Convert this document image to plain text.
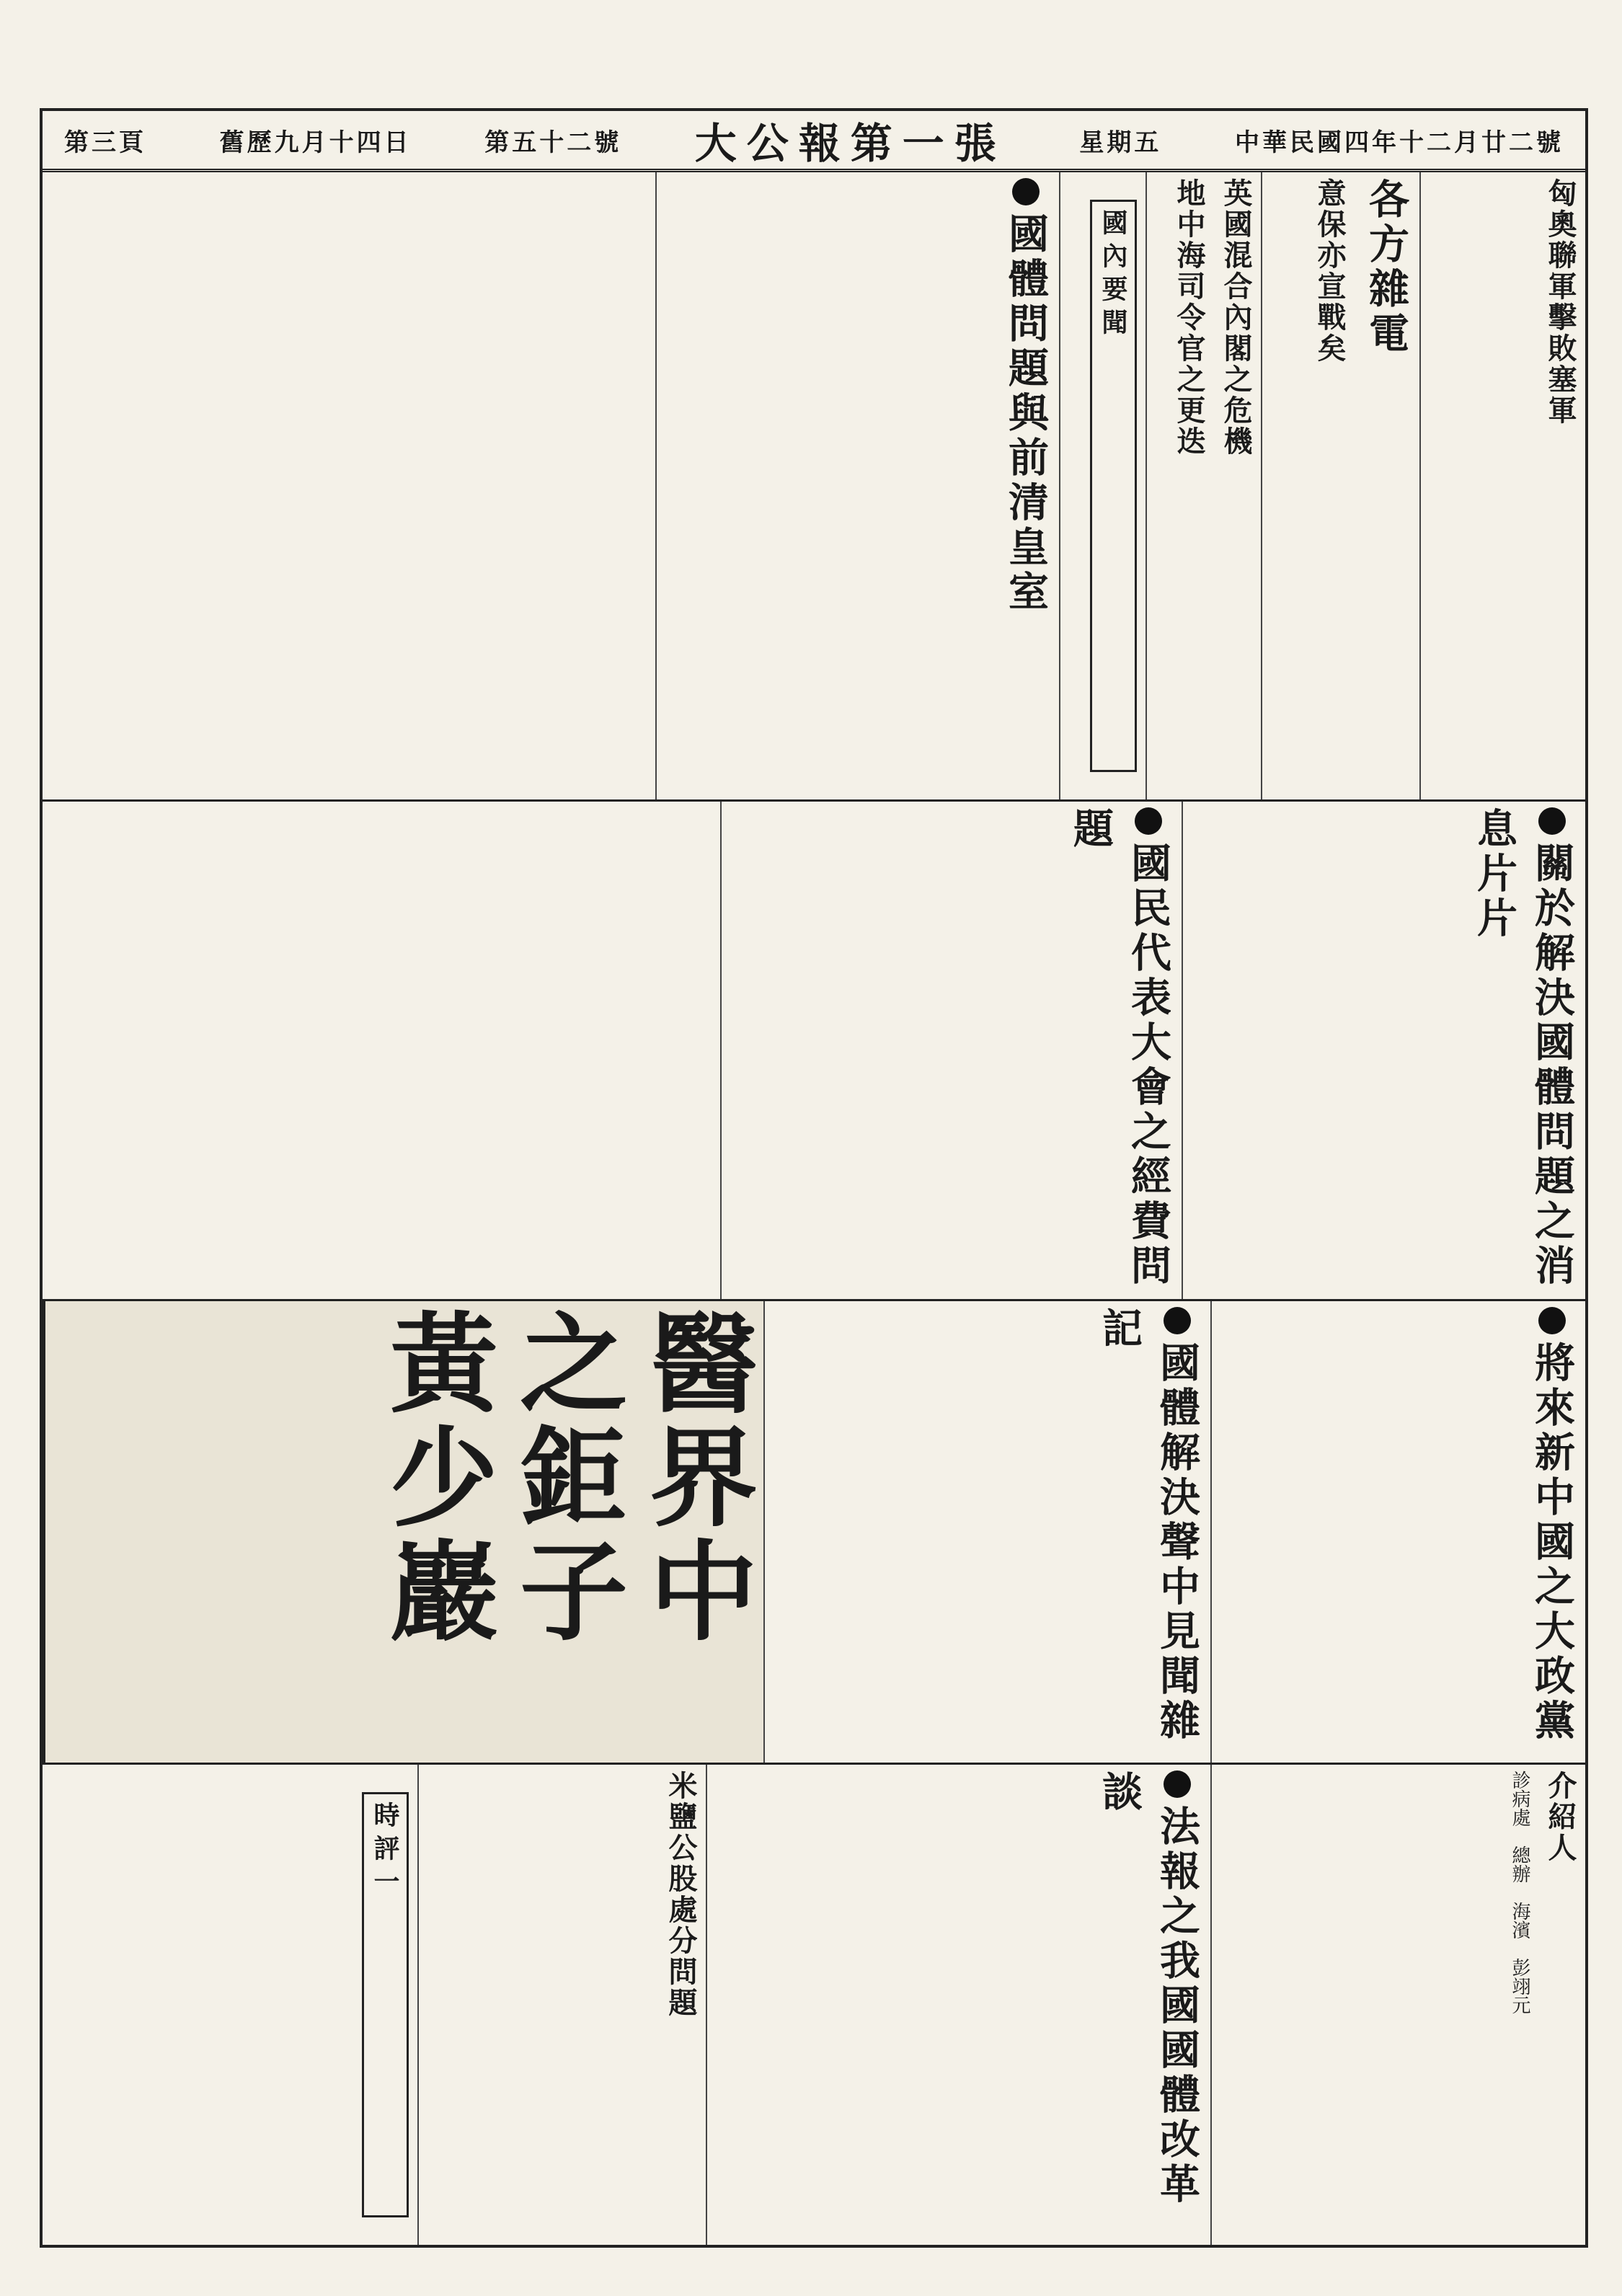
中華民國四年十二月廿二號
星期五
大公報第一張
第五十二號
舊歷九月十四日
第三頁
匈奧聯軍擊敗塞軍

各方雜電
意保亦宣戰矣
英國混合內閣之危機
地中海司令官之更迭
國內要聞
國體問題與前清皇室

關於解決國體問題之消息片片
國民代表大會之經費問題

將來新中國之大政黨
國體解決聲中見聞雜記
醫界中之鉅子黃少巖
介紹人
診病處　總辦　海濱　彭翊元
法報之我國國體改革談
米鹽公股處分問題
時評一
